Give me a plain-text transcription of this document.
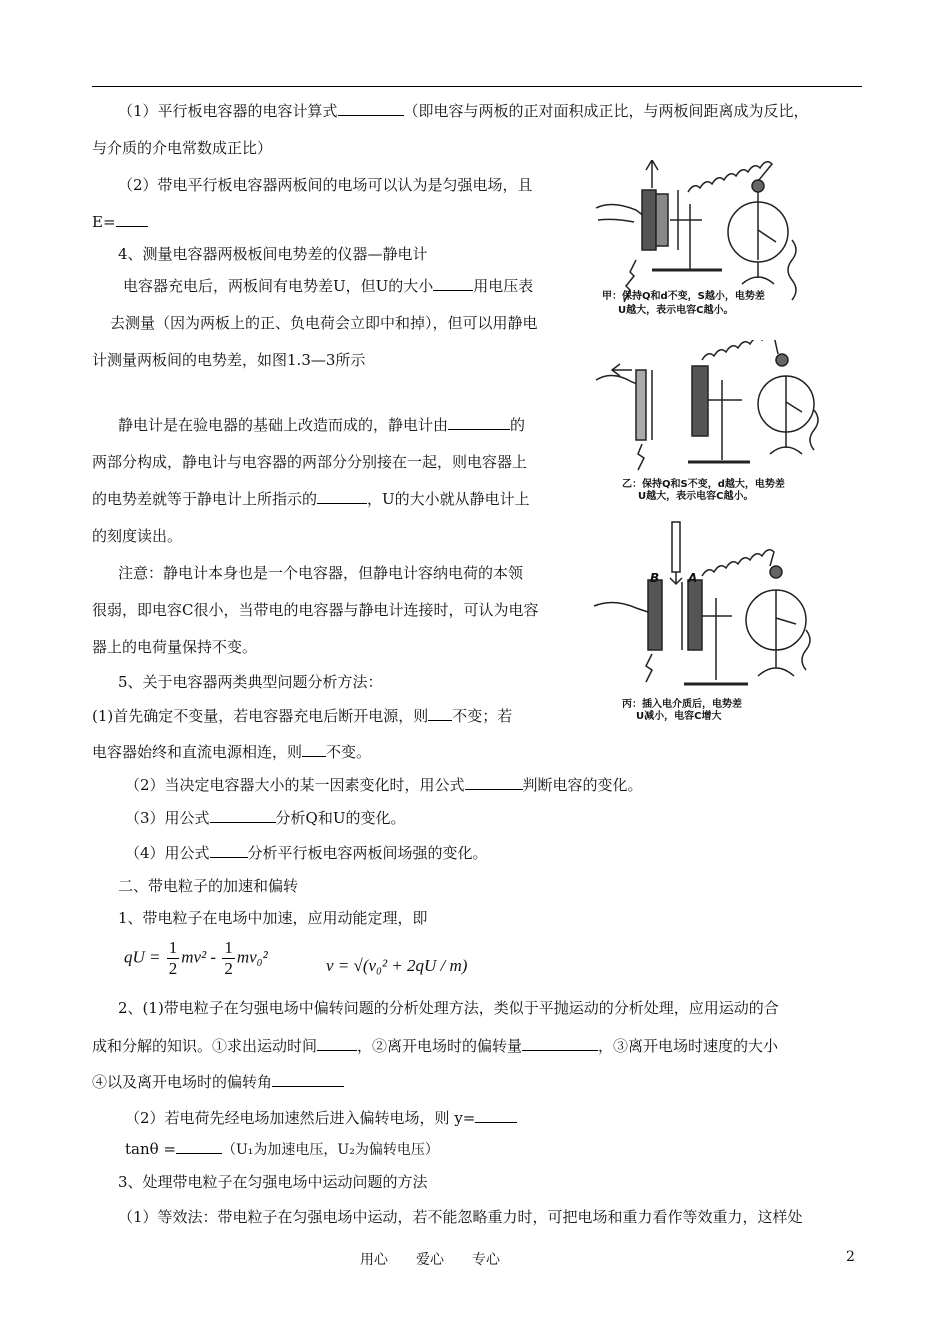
（1）平行板电容器的电容计算式	（即电容与两板的正对面积成正比，与两板间距离成为反比，
与介质的介电常数成正比）
（2）带电平行板电容器两板间的电场可以认为是匀强电场，且
E=
4、测量电容器两极板间电势差的仪器—静电计
电容器充电后，两板间有电势差U，但U的大小	用电压表
去测量（因为两板上的正、负电荷会立即中和掉），但可以用静电
计测量两板间的电势差，如图1.3—3所示
静电计是在验电器的基础上改造而成的，静电计由	的
两部分构成，静电计与电容器的两部分分别接在一起，则电容器上
的电势差就等于静电计上所指示的	，U的大小就从静电计上
的刻度读出。
注意：静电计本身也是一个电容器，但静电计容纳电荷的本领
很弱，即电容C很小，当带电的电容器与静电计连接时，可认为电容
器上的电荷量保持不变。
5、关于电容器两类典型问题分析方法：
(1)首先确定不变量，若电容器充电后断开电源，则 不变；若
电容器始终和直流电源相连，则 不变。
（2）当决定电容器大小的某一因素变化时，用公式	判断电容的变化。
（3）用公式	分析Q和U的变化。
（4）用公式	分析平行板电容两板间场强的变化。
二、带电粒子的加速和偏转
1、带电粒子在电场中加速，应用动能定理，即
qU = $\frac{1}{2} mv^2 - \frac{1}{2} mv_0^2$	v = √(v₀² + 2qU / m)
2、(1)带电粒子在匀强电场中偏转问题的分析处理方法，类似于平抛运动的分析处理，应用运动的合
成和分解的知识。①求出运动时间	，②离开电场时的偏转量	，③离开电场时速度的大小
④以及离开电场时的偏转角
（2）若电荷先经电场加速然后进入偏转电场，则 y=
tanθ =	（U₁为加速电压，U₂为偏转电压）
3、处理带电粒子在匀强电场中运动问题的方法
（1）等效法：带电粒子在匀强电场中运动，若不能忽略重力时，可把电场和重力看作等效重力，这样处
甲：保持Q和d不变，S越小，电势差
U越大，表示电容C越小。
乙：保持Q和S不变，d越大，电势差
U越大，表示电容C越小。
B A
丙：插入电介质后，电势差
U减小，电容C增大
用心　　爱心　　专心	2
